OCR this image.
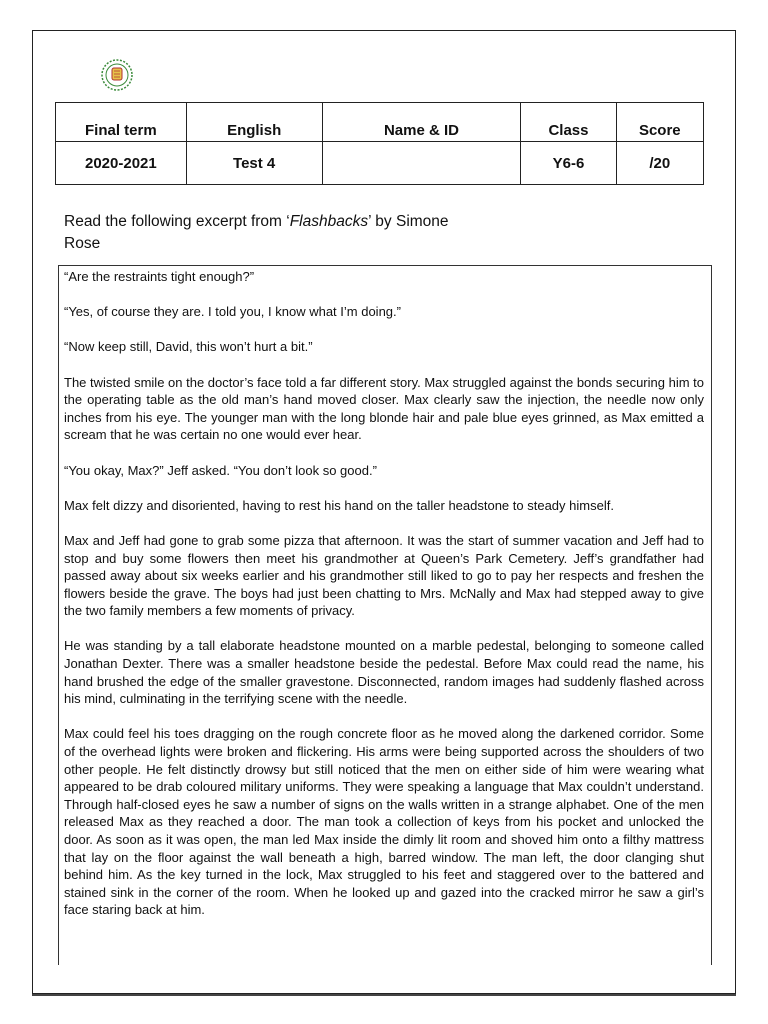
Final term	English	Name & ID	Class	Score
2020-2021	Test 4		Y6-6	/20
Read the following excerpt from ‘Flashbacks’ by Simone
Rose

“Are the restraints tight enough?”

“Yes, of course they are. I told you, I know what I’m doing.”

“Now keep still, David, this won’t hurt a bit.”

The twisted smile on the doctor’s face told a far different story. Max struggled against the bonds securing him to the operating table as the old man’s hand moved closer. Max clearly saw the injection, the needle now only inches from his eye. The younger man with the long blonde hair and pale blue eyes grinned, as Max emitted a scream that he was certain no one would ever hear.

“You okay, Max?” Jeff asked. “You don’t look so good.”

Max felt dizzy and disoriented, having to rest his hand on the taller headstone to steady himself.

Max and Jeff had gone to grab some pizza that afternoon. It was the start of summer vacation and Jeff had to stop and buy some flowers then meet his grandmother at Queen’s Park Cemetery. Jeff’s grandfather had passed away about six weeks earlier and his grandmother still liked to go to pay her respects and freshen the flowers beside the grave. The boys had just been chatting to Mrs. McNally and Max had stepped away to give the two family members a few moments of privacy.

He was standing by a tall elaborate headstone mounted on a marble pedestal, belonging to someone called Jonathan Dexter. There was a smaller headstone beside the pedestal. Before Max could read the name, his hand brushed the edge of the smaller gravestone. Disconnected, random images had suddenly flashed across his mind, culminating in the terrifying scene with the needle.

Max could feel his toes dragging on the rough concrete floor as he moved along the darkened corridor. Some of the overhead lights were broken and flickering. His arms were being supported across the shoulders of two other people. He felt distinctly drowsy but still noticed that the men on either side of him were wearing what appeared to be drab coloured military uniforms. They were speaking a language that Max couldn’t understand. Through half-closed eyes he saw a number of signs on the walls written in a strange alphabet. One of the men released Max as they reached a door. The man took a collection of keys from his pocket and unlocked the door. As soon as it was open, the man led Max inside the dimly lit room and shoved him onto a filthy mattress that lay on the floor against the wall beneath a high, barred window. The man left, the door clanging shut behind him. As the key turned in the lock, Max struggled to his feet and staggered over to the battered and stained sink in the corner of the room. When he looked up and gazed into the cracked mirror he saw a girl’s face staring back at him.
